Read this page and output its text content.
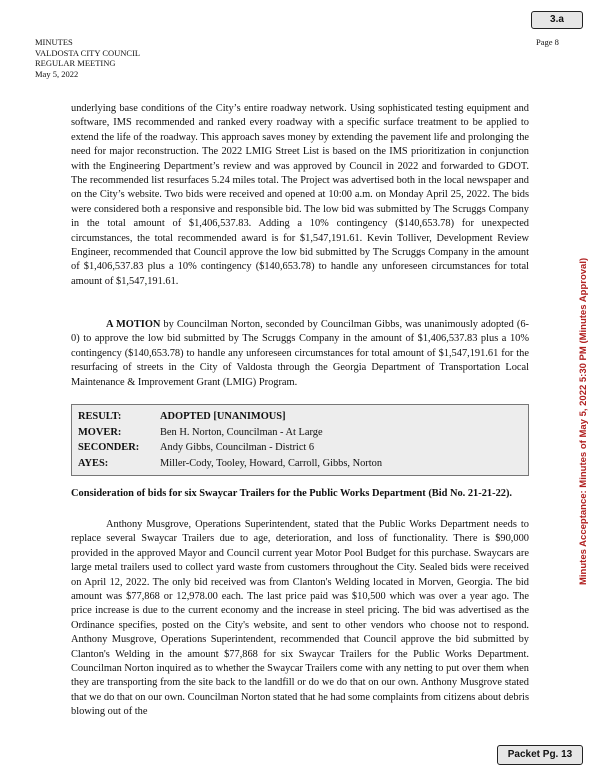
3.a
MINUTES
VALDOSTA CITY COUNCIL
REGULAR MEETING
May 5, 2022
Page 8
Minutes Acceptance: Minutes of May 5, 2022 5:30 PM (Minutes Approval)
underlying base conditions of the City’s entire roadway network. Using sophisticated testing equipment and software, IMS recommended and ranked every roadway with a specific surface treatment to be applied to extend the life of the roadway. This approach saves money by extending the pavement life and prolonging the need for major reconstruction. The 2022 LMIG Street List is based on the IMS prioritization in conjunction with the Engineering Department’s review and was approved by Council in 2022 and forwarded to GDOT. The recommended list resurfaces 5.24 miles total. The Project was advertised both in the local newspaper and on the City’s website. Two bids were received and opened at 10:00 a.m. on Monday April 25, 2022. The bids were considered both a responsive and responsible bid. The low bid was submitted by The Scruggs Company in the total amount of $1,406,537.83. Adding a 10% contingency ($140,653.78) for unexpected circumstances, the total recommended award is for $1,547,191.61. Kevin Tolliver, Development Review Engineer, recommended that Council approve the low bid submitted by The Scruggs Company in the amount of $1,406,537.83 plus a 10% contingency ($140,653.78) to handle any unforeseen circumstances for total amount of $1,547,191.61.
A MOTION by Councilman Norton, seconded by Councilman Gibbs, was unanimously adopted (6-0) to approve the low bid submitted by The Scruggs Company in the amount of $1,406,537.83 plus a 10% contingency ($140,653.78) to handle any unforeseen circumstances for total amount of $1,547,191.61 for the resurfacing of streets in the City of Valdosta through the Georgia Department of Transportation Local Maintenance & Improvement Grant (LMIG) Program.
RESULT:	ADOPTED [UNANIMOUS]
MOVER:	Ben H. Norton, Councilman - At Large
SECONDER:	Andy Gibbs, Councilman - District 6
AYES:	Miller-Cody, Tooley, Howard, Carroll, Gibbs, Norton
Consideration of bids for six Swaycar Trailers for the Public Works Department (Bid No. 21-21-22).
Anthony Musgrove, Operations Superintendent, stated that the Public Works Department needs to replace several Swaycar Trailers due to age, deterioration, and loss of functionality. There is $90,000 provided in the approved Mayor and Council current year Motor Pool Budget for this purchase. Swaycars are large metal trailers used to collect yard waste from customers throughout the City. Sealed bids were received on April 12, 2022. The only bid received was from Clanton's Welding located in Morven, Georgia. The bid amount was $77,868 or 12,978.00 each. The last price paid was $10,500 which was over a year ago. The price increase is due to the current economy and the increase in steel pricing. The bid was advertised as the Ordinance specifies, posted on the City's website, and sent to other vendors who choose not to respond. Anthony Musgrove, Operations Superintendent, recommended that Council approve the bid submitted by Clanton's Welding in the amount $77,868 for six Swaycar Trailers for the Public Works Department. Councilman Norton inquired as to whether the Swaycar Trailers come with any netting to put over them when they are transporting from the site back to the landfill or do we do that on our own. Anthony Musgrove stated that we do that on our own. Councilman Norton stated that he had some complaints from citizens about debris blowing out of the
Packet Pg. 13
